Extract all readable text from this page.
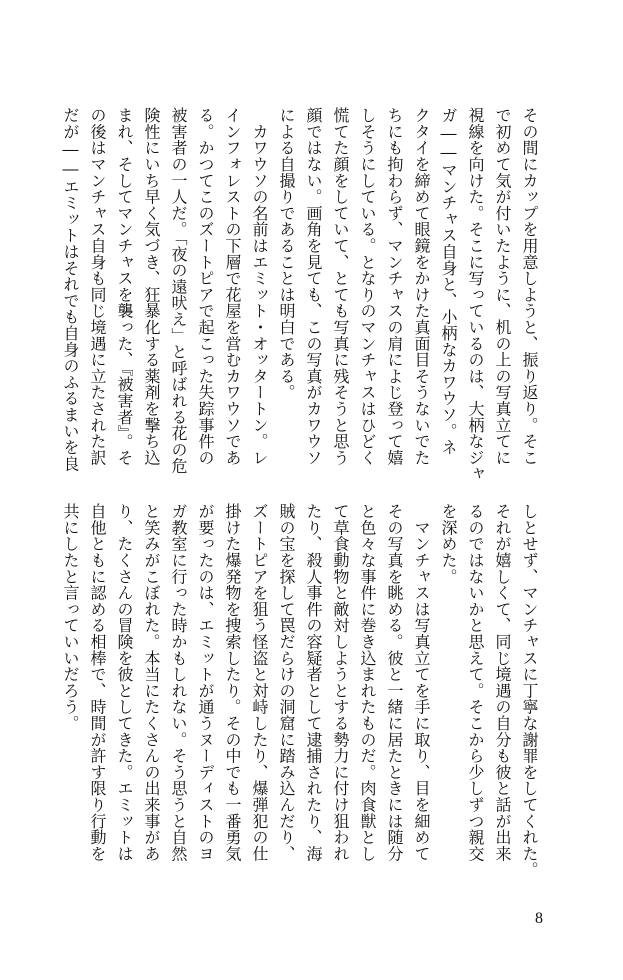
その間にカップを用意しようと、振り返り。そこ
で初めて気が付いたように、机の上の写真立てに
視線を向けた。そこに写っているのは、大柄なジャ
ガ――マンチャス自身と、小柄なカワウソ。ネ
クタイを締めて眼鏡をかけた真面目そうないでた
ちにも拘わらず、マンチャスの肩によじ登って嬉
しそうにしている。となりのマンチャスはひどく
慌てた顔をしていて、とても写真に残そうと思う
顔ではない。画角を見ても、この写真がカワウソ
による自撮りであることは明白である。
　カワウソの名前はエミット・オッタートン。レ
インフォレストの下層で花屋を営むカワウソであ
る。かつてこのズートピアで起こった失踪事件の
被害者の一人だ。「夜の遠吠え」と呼ばれる花の危
険性にいち早く気づき、狂暴化する薬剤を撃ち込
まれ、そしてマンチャスを襲った、『被害者』。そ
の後はマンチャス自身も同じ境遇に立たされた訳
だが――エミットはそれでも自身のふるまいを良
しとせず、マンチャスに丁寧な謝罪をしてくれた。
それが嬉しくて、同じ境遇の自分も彼と話が出来
るのではないかと思えて。そこから少しずつ親交
を深めた。
　マンチャスは写真立てを手に取り、目を細めて
その写真を眺める。彼と一緒に居たときには随分
と色々な事件に巻き込まれたものだ。肉食獣とし
て草食動物と敵対しようとする勢力に付け狙われ
たり、殺人事件の容疑者として逮捕されたり、海
賊の宝を探して罠だらけの洞窟に踏み込んだり、
ズートピアを狙う怪盗と対峙したり、爆弾犯の仕
掛けた爆発物を捜索したり。その中でも一番勇気
が要ったのは、エミットが通うヌーディストのヨ
ガ教室に行った時かもしれない。そう思うと自然
と笑みがこぼれた。本当にたくさんの出来事があ
り、たくさんの冒険を彼としてきた。エミットは
自他ともに認める相棒で、時間が許す限り行動を
共にしたと言っていいだろう。
8
